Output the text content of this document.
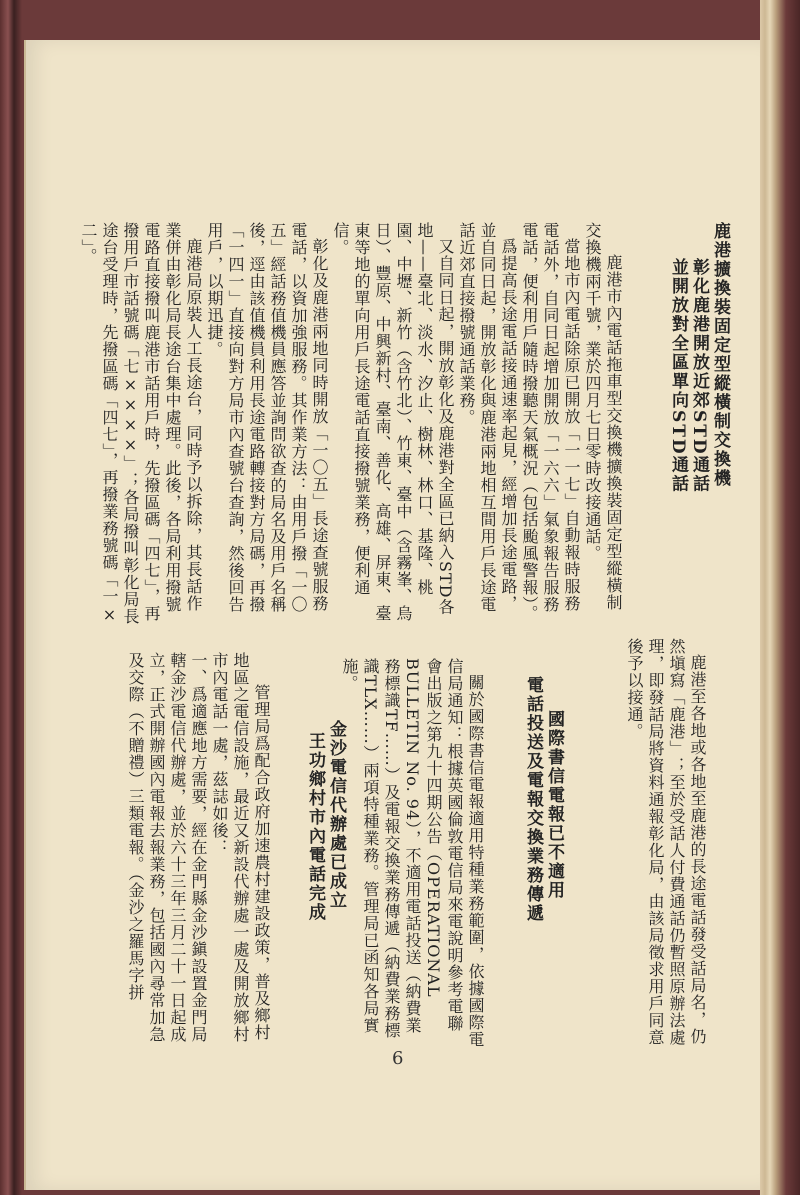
鹿港擴換裝固定型縱橫制交換機

彰化鹿港開放近郊STD通話

並開放對全區單向STD通話

鹿港市內電話拖車型交換機擴換裝固定型縱橫制交換機兩千號，業於四月七日零時改接通話。

當地市內電話除原已開放「一一七」自動報時服務電話外，自同日起增加開放「一六六」氣象報告服務電話，便利用戶隨時撥聽天氣概況（包括颱風警報）。

爲提高長途電話接通速率起見，經增加長途電路，並自同日起，開放彰化與鹿港兩地相互間用戶長途電話近郊直接撥號通話業務。

又自同日起，開放彰化及鹿港對全區已納入STD各地——臺北、淡水、汐止、樹林、林口、基隆、桃園、中壢、新竹（含竹北）、竹東、臺中（含霧峯、烏日）、豐原、中興新村、臺南、善化、高雄、屏東、臺東等地的單向用戶長途電話直接撥號業務，便利通信。

彰化及鹿港兩地同時開放「一〇五」長途查號服務電話，以資加強服務。其作業方法：由用戶撥「一〇五」經話務值機員應答並詢問欲查的局名及用戶名稱後，逕由該值機員利用長途電路轉接對方局碼，再撥「一四一」直接向對方局市內查號台查詢，然後回告用戶，以期迅捷。

鹿港局原裝人工長途台，同時予以拆除，其長話作業併由彰化局長途台集中處理。此後，各局利用撥號電路直接撥叫鹿港市話用戶時，先撥區碼「四七」，再撥用戶市話號碼「七××××」；各局撥叫彰化局長途台受理時，先撥區碼「四七」，再撥業務號碼「一×二」。

鹿港至各地或各地至鹿港的長途電話發受話局名，仍然塡寫「鹿港」；至於受話人付費通話仍暫照原辦法處理，即發話局將資料通報彰化局，由該局徵求用戶同意後予以接通。

國際書信電報已不適用

電話投送及電報交換業務傳遞

關於國際書信電報適用特種業務範圍，依據國際電信局通知：根據英國倫敦電信局來電說明參考電聯會出版之第九十四期公告（OPERATIONAL BULLETIN No. 94），不適用電話投送（納費業務標識TF……）及電報交換業務傳遞（納費業務標識TLX……）兩項特種業務。管理局已函知各局實施。

金沙電信代辦處已成立

王功鄉村市內電話完成

管理局爲配合政府加速農村建設政策，普及鄉村地區之電信設施，最近又新設代辦處一處及開放鄉村市內電話一處，茲誌如後：

一、爲適應地方需要，經在金門縣金沙鎭設置金門局轄金沙電信代辦處，並於六十三年三月二十一日起成立，正式開辦國內電報去報業務，包括國內尋常加急及交際（不贈禮）三類電報。（金沙之羅馬字拼

6
